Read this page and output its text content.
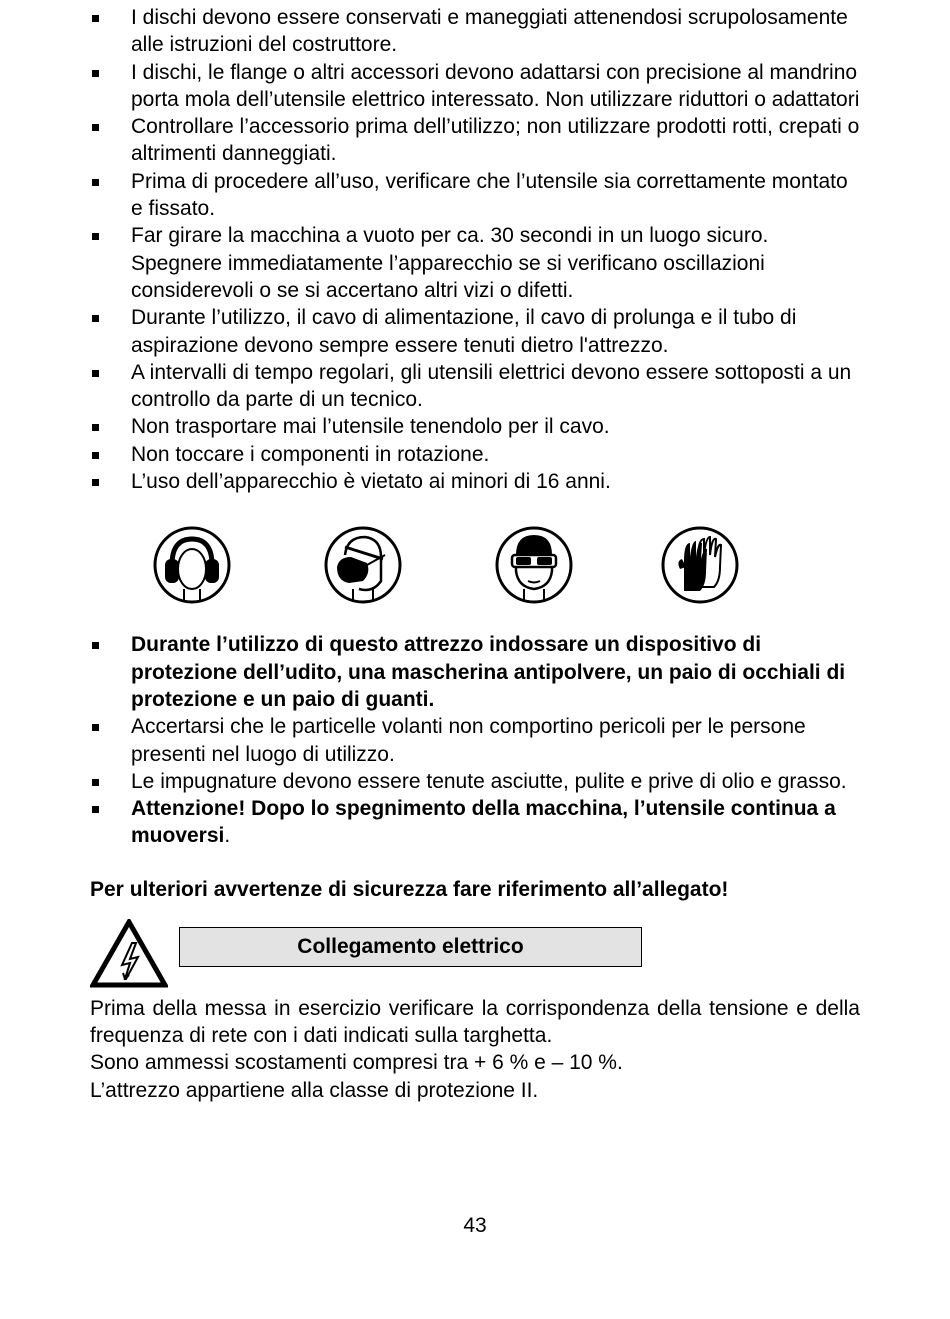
I dischi devono essere conservati e maneggiati attenendosi scrupolosamente alle istruzioni del costruttore.
I dischi, le flange o altri accessori devono adattarsi con precisione al mandrino porta mola dell’utensile elettrico interessato. Non utilizzare riduttori o adattatori
Controllare l’accessorio prima dell’utilizzo; non utilizzare prodotti rotti, crepati o altrimenti danneggiati.
Prima di procedere all’uso, verificare che l’utensile sia correttamente montato e fissato.
Far girare la macchina a vuoto per ca. 30 secondi in un luogo sicuro. Spegnere immediatamente l’apparecchio se si verificano oscillazioni considerevoli o se si accertano altri vizi o difetti.
Durante l’utilizzo, il cavo di alimentazione, il cavo di prolunga e il tubo di aspirazione devono sempre essere tenuti dietro l'attrezzo.
A intervalli di tempo regolari, gli utensili elettrici devono essere sottoposti a un controllo da parte di un tecnico.
Non trasportare mai l’utensile tenendolo per il cavo.
Non toccare i componenti in rotazione.
L’uso dell’apparecchio è vietato ai minori di 16 anni.
Durante l’utilizzo di questo attrezzo indossare un dispositivo di protezione dell’udito, una mascherina antipolvere, un paio di occhiali di protezione e un paio di guanti.
Accertarsi che le particelle volanti non comportino pericoli per le persone presenti nel luogo di utilizzo.
Le impugnature devono essere tenute asciutte, pulite e prive di olio e grasso.
Attenzione! Dopo lo spegnimento della macchina, l’utensile continua a muoversi.
Per ulteriori avvertenze di sicurezza fare riferimento all’allegato!
Collegamento elettrico

Prima della messa in esercizio verificare la corrispondenza della tensione e della frequenza di rete con i dati indicati sulla targhetta.

Sono ammessi scostamenti compresi tra + 6 % e – 10 %.

L’attrezzo appartiene alla classe di protezione II.

43
